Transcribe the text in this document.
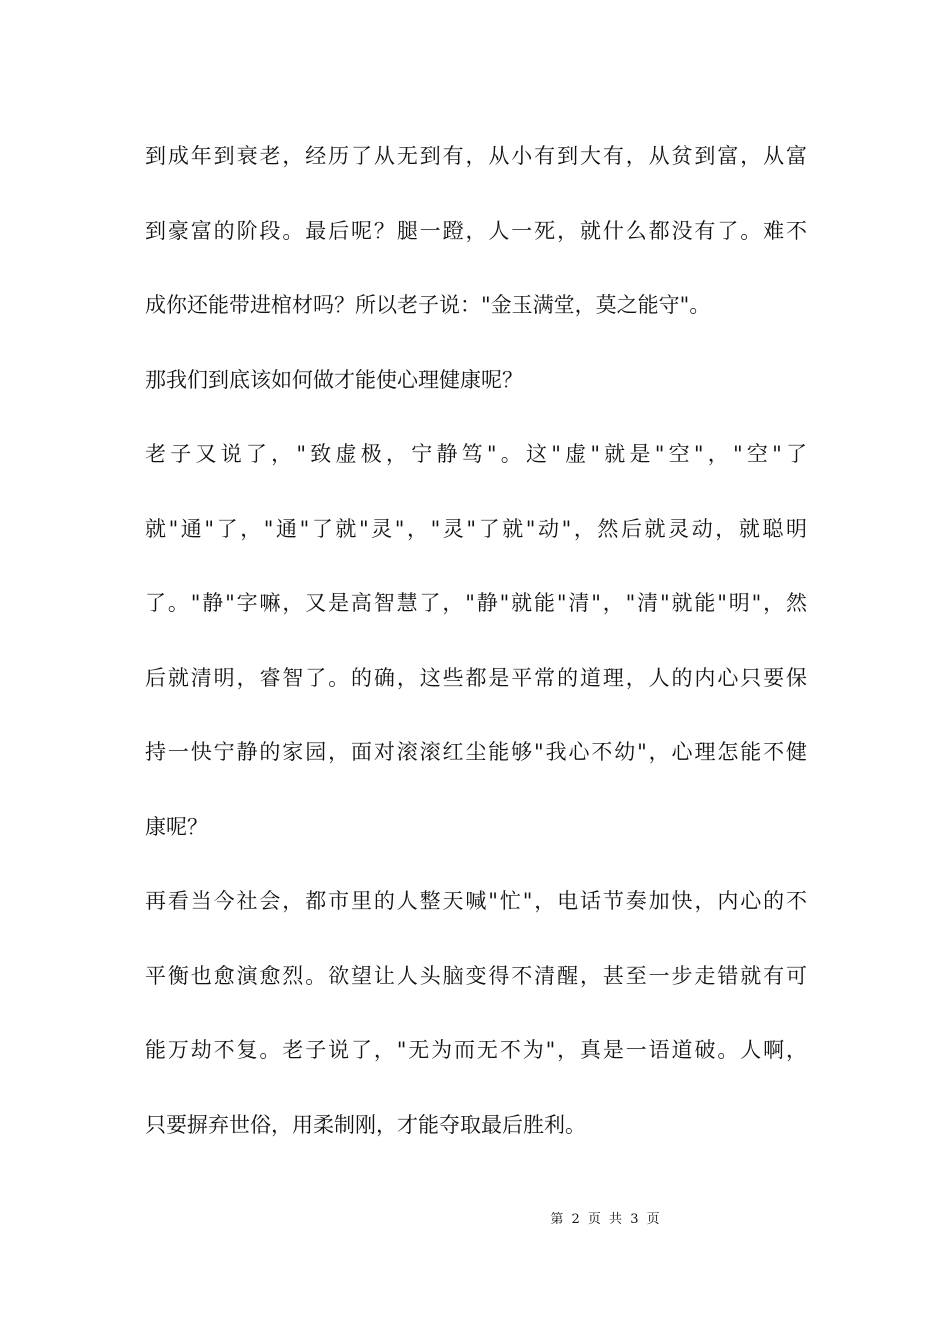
到成年到衰老，经历了从无到有，从小有到大有，从贫到富，从富
到豪富的阶段。最后呢？腿一蹬，人一死，就什么都没有了。难不
成你还能带进棺材吗？所以老子说："金玉满堂，莫之能守"。
那我们到底该如何做才能使心理健康呢？
老子又说了，"致虚极，宁静笃"。这"虚"就是"空"，"空"了
就"通"了，"通"了就"灵"，"灵"了就"动"，然后就灵动，就聪明
了。"静"字嘛，又是高智慧了，"静"就能"清"，"清"就能"明"，然
后就清明，睿智了。的确，这些都是平常的道理，人的内心只要保
持一快宁静的家园，面对滚滚红尘能够"我心不幼"，心理怎能不健
康呢？
再看当今社会，都市里的人整天喊"忙"，电话节奏加快，内心的不
平衡也愈演愈烈。欲望让人头脑变得不清醒，甚至一步走错就有可
能万劫不复。老子说了，"无为而无不为"，真是一语道破。人啊，
只要摒弃世俗，用柔制刚，才能夺取最后胜利。
第 2 页 共 3 页
